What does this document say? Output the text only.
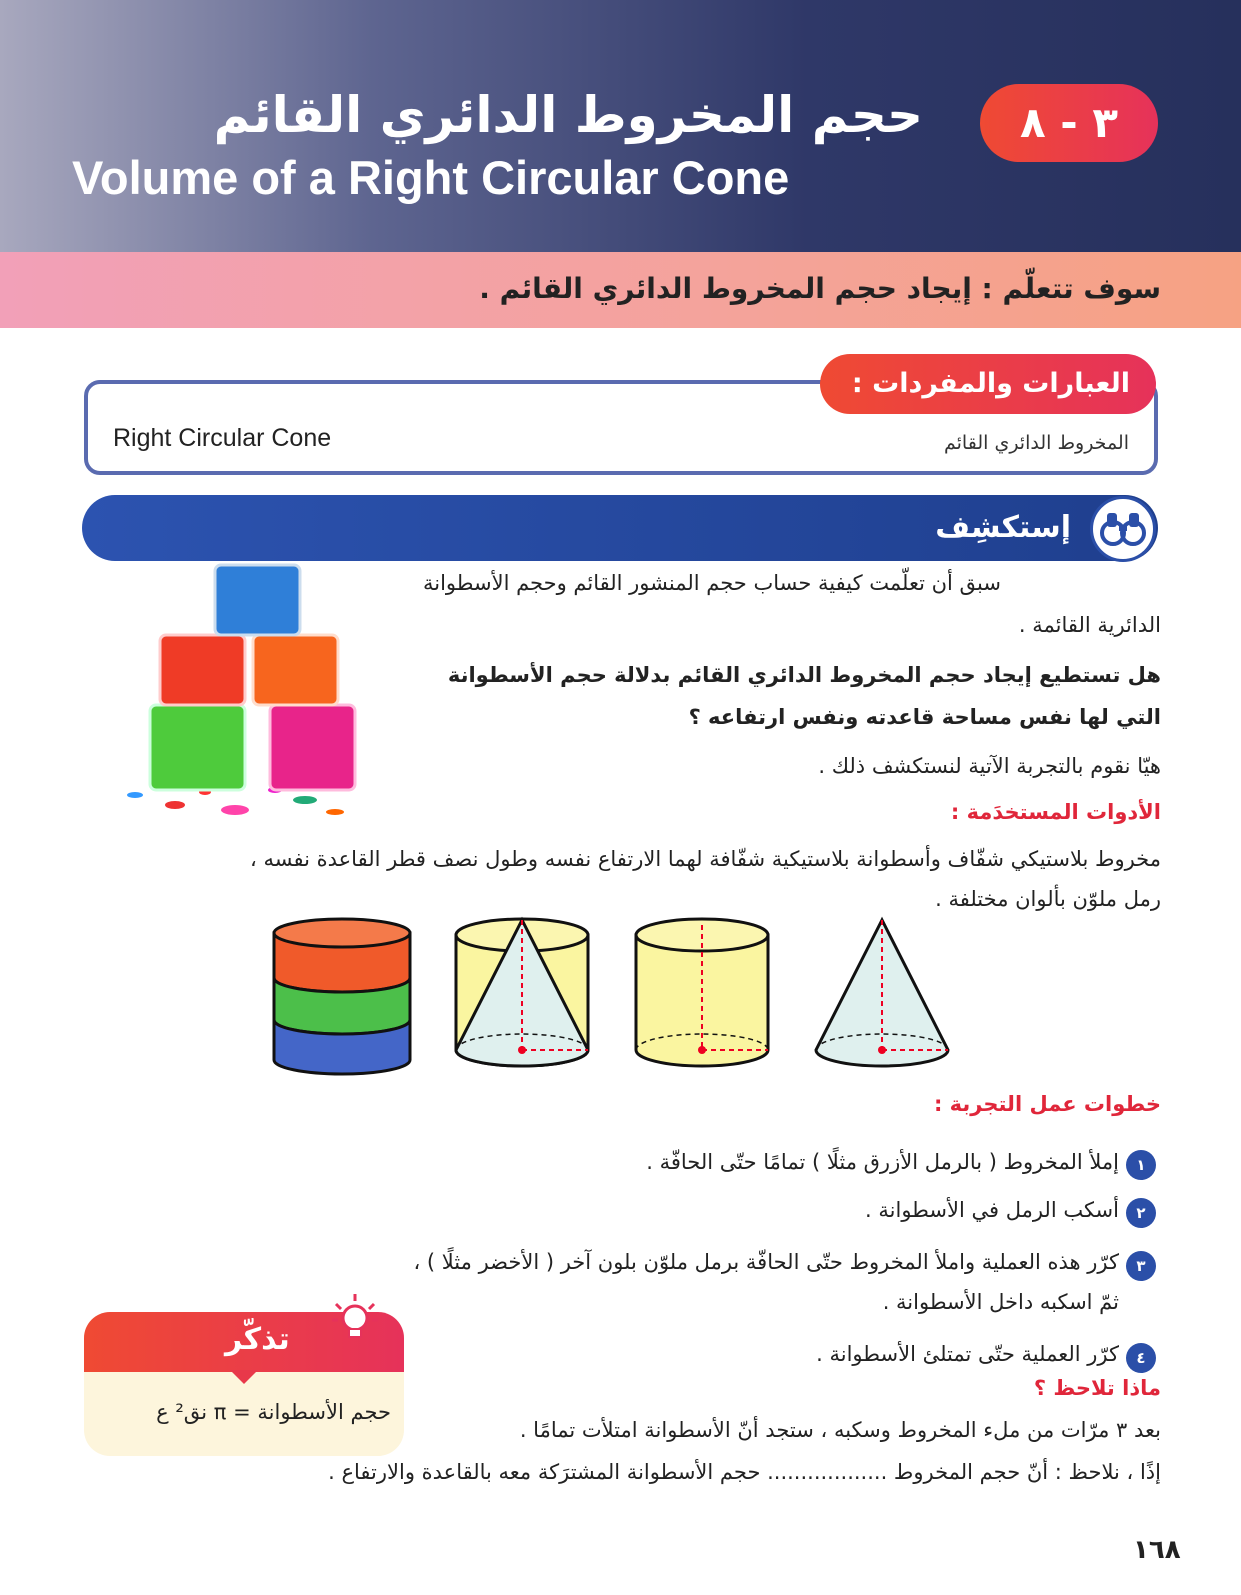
٣ - ٨
حجم المخروط الدائري القائم
Volume of a Right Circular Cone
سوف تتعلّم : إيجاد حجم المخروط الدائري القائم .
العبارات والمفردات :
Right Circular Cone	المخروط الدائري القائم
إستكشِف
سبق أن تعلّمت كيفية حساب حجم المنشور القائم وحجم الأسطوانة
الدائرية القائمة .
هل تستطيع إيجاد حجم المخروط الدائري القائم بدلالة حجم الأسطوانة
التي لها نفس مساحة قاعدته ونفس ارتفاعه ؟
هيّا نقوم بالتجربة الآتية لنستكشف ذلك .
الأدوات المستخدَمة :
مخروط بلاستيكي شفّاف وأسطوانة بلاستيكية شفّافة لهما الارتفاع نفسه وطول نصف قطر القاعدة نفسه ،
رمل ملوّن بألوان مختلفة .
خطوات عمل التجربة :
١
إملأ المخروط ( بالرمل الأزرق مثلًا ) تمامًا حتّى الحافّة .
٢
أسكب الرمل في الأسطوانة .
٣
كرّر هذه العملية واملأ المخروط حتّى الحافّة برمل ملوّن بلون آخر ( الأخضر مثلًا ) ،
ثمّ اسكبه داخل الأسطوانة .
٤
كرّر العملية حتّى تمتلئ الأسطوانة .
تذكّر
حجم الأسطوانة = π نق² ع
ماذا تلاحظ ؟
بعد ٣ مرّات من ملء المخروط وسكبه ، ستجد أنّ الأسطوانة امتلأت تمامًا .
إذًا ، نلاحظ : أنّ حجم المخروط .................. حجم الأسطوانة المشترَكة معه بالقاعدة والارتفاع .
١٦٨
